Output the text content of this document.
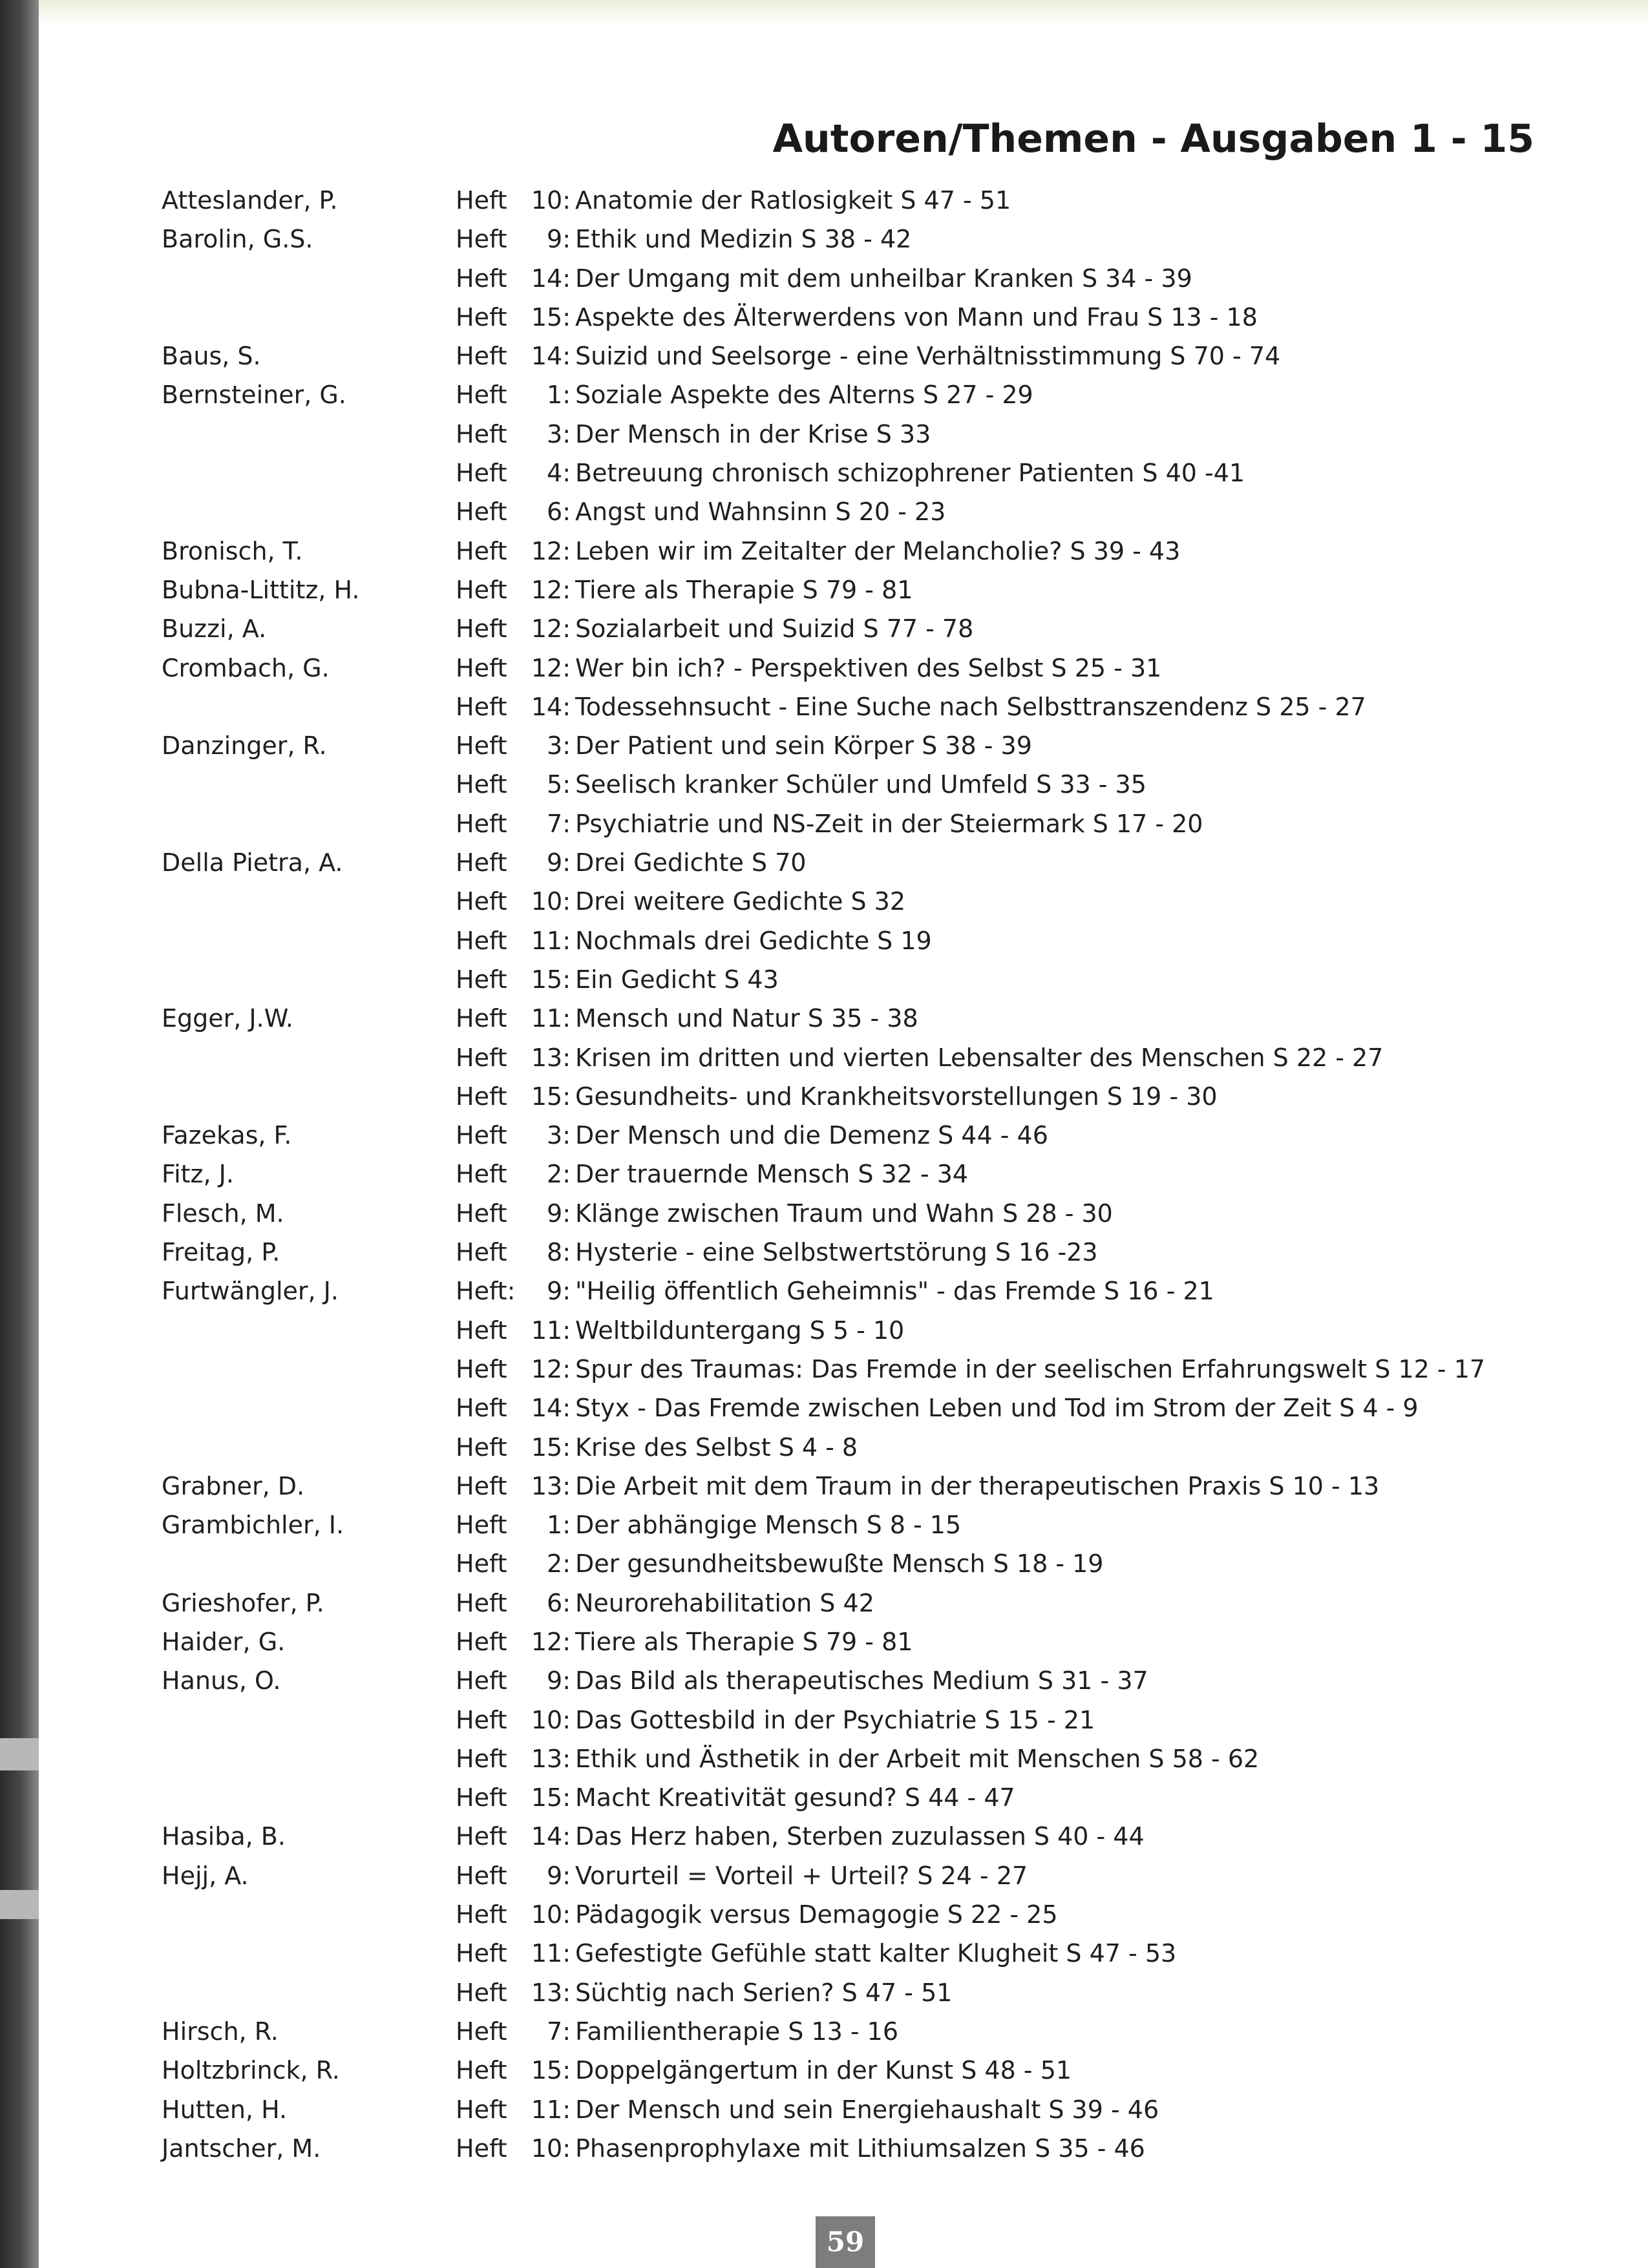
Autoren/Themen - Ausgaben 1 - 15
Atteslander, P.	Heft 10: Anatomie der Ratlosigkeit S 47 - 51
Barolin, G.S.	Heft	9: Ethik und Medizin S 38 - 42
Heft 14: Der Umgang mit dem unheilbar Kranken S 34 - 39
Heft 15: Aspekte des Älterwerdens von Mann und Frau S 13 - 18
Baus, S.	Heft 14: Suizid und Seelsorge - eine Verhältnisstimmung S 70 - 74
Bernsteiner, G.	Heft	1: Soziale Aspekte des Alterns S 27 - 29
Heft	3: Der Mensch in der Krise S 33
Heft	4: Betreuung chronisch schizophrener Patienten S 40 -41
Heft	6: Angst und Wahnsinn S 20 - 23
Bronisch, T.	Heft 12: Leben wir im Zeitalter der Melancholie? S 39 - 43
Bubna-Littitz, H.	Heft 12: Tiere als Therapie S 79 - 81
Buzzi, A.	Heft 12: Sozialarbeit und Suizid S 77 - 78
Crombach, G.	Heft 12: Wer bin ich? - Perspektiven des Selbst S 25 - 31
Heft 14: Todessehnsucht - Eine Suche nach Selbsttranszendenz S 25 - 27
Danzinger, R.	Heft	3: Der Patient und sein Körper S 38 - 39
Heft	5: Seelisch kranker Schüler und Umfeld S 33 - 35
Heft	7: Psychiatrie und NS-Zeit in der Steiermark S 17 - 20
Della Pietra, A.	Heft	9: Drei Gedichte S 70
Heft 10: Drei weitere Gedichte S 32
Heft 11: Nochmals drei Gedichte S 19
Heft 15: Ein Gedicht S 43
Egger, J.W.	Heft 11: Mensch und Natur S 35 - 38
Heft 13: Krisen im dritten und vierten Lebensalter des Menschen S 22 - 27
Heft 15: Gesundheits- und Krankheitsvorstellungen S 19 - 30
Fazekas, F.	Heft	3: Der Mensch und die Demenz S 44 - 46
Fitz, J.	Heft	2: Der trauernde Mensch S 32 - 34
Flesch, M.	Heft	9: Klänge zwischen Traum und Wahn S 28 - 30
Freitag, P.	Heft	8: Hysterie - eine Selbstwertstörung S 16 -23
Furtwängler, J.	Heft:	9: "Heilig öffentlich Geheimnis" - das Fremde S 16 - 21
Heft 11: Weltbilduntergang S 5 - 10
Heft 12: Spur des Traumas: Das Fremde in der seelischen Erfahrungswelt S 12 - 17
Heft 14: Styx - Das Fremde zwischen Leben und Tod im Strom der Zeit S 4 - 9
Heft 15: Krise des Selbst S 4 - 8
Grabner, D.	Heft 13: Die Arbeit mit dem Traum in der therapeutischen Praxis S 10 - 13
Grambichler, I.	Heft	1: Der abhängige Mensch S 8 - 15
Heft	2: Der gesundheitsbewußte Mensch S 18 - 19
Grieshofer, P.	Heft	6: Neurorehabilitation S 42
Haider, G.	Heft 12: Tiere als Therapie S 79 - 81
Hanus, O.	Heft	9: Das Bild als therapeutisches Medium S 31 - 37
Heft 10: Das Gottesbild in der Psychiatrie S 15 - 21
Heft 13: Ethik und Ästhetik in der Arbeit mit Menschen S 58 - 62
Heft 15: Macht Kreativität gesund? S 44 - 47
Hasiba, B.	Heft 14: Das Herz haben, Sterben zuzulassen S 40 - 44
Hejj, A.	Heft	9: Vorurteil = Vorteil + Urteil? S 24 - 27
Heft 10: Pädagogik versus Demagogie S 22 - 25
Heft 11: Gefestigte Gefühle statt kalter Klugheit S 47 - 53
Heft 13: Süchtig nach Serien? S 47 - 51
Hirsch, R.	Heft	7: Familientherapie S 13 - 16
Holtzbrinck, R.	Heft 15: Doppelgängertum in der Kunst S 48 - 51
Hutten, H.	Heft 11: Der Mensch und sein Energiehaushalt S 39 - 46
Jantscher, M.	Heft 10: Phasenprophylaxe mit Lithiumsalzen S 35 - 46
59
